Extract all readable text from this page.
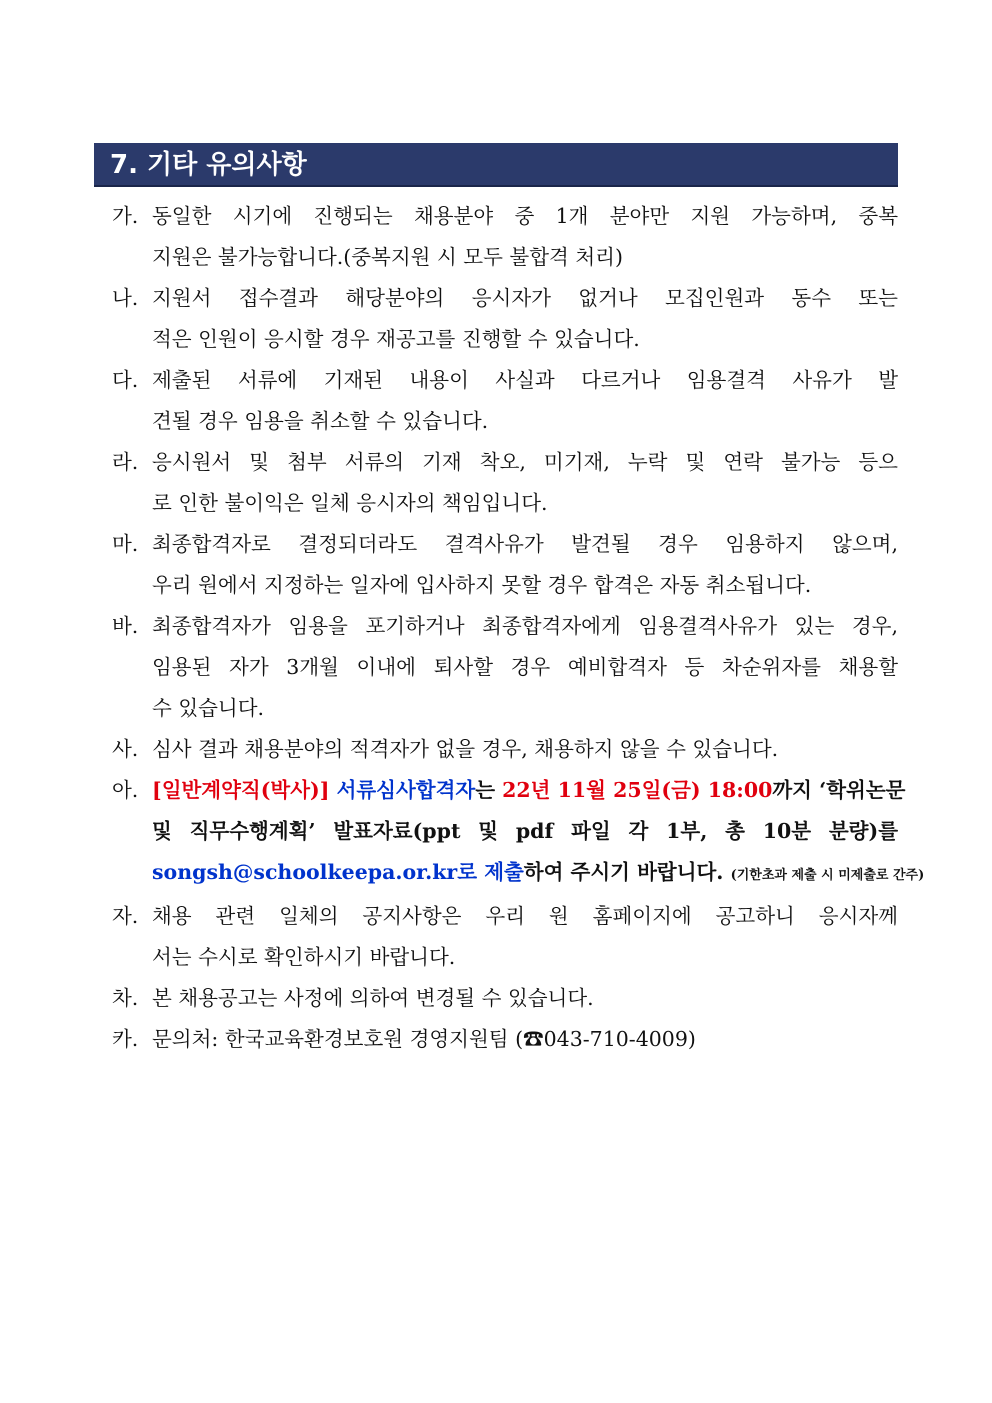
7. 기타 유의사항
가. 동일한 시기에 진행되는 채용분야 중 1개 분야만 지원 가능하며, 중복
지원은 불가능합니다.(중복지원 시 모두 불합격 처리)
나. 지원서 접수결과 해당분야의 응시자가 없거나 모집인원과 동수 또는
적은 인원이 응시할 경우 재공고를 진행할 수 있습니다.
다. 제출된 서류에 기재된 내용이 사실과 다르거나 임용결격 사유가 발
견될 경우 임용을 취소할 수 있습니다.
라. 응시원서 및 첨부 서류의 기재 착오, 미기재, 누락 및 연락 불가능 등으
로 인한 불이익은 일체 응시자의 책임입니다.
마. 최종합격자로 결정되더라도 결격사유가 발견될 경우 임용하지 않으며,
우리 원에서 지정하는 일자에 입사하지 못할 경우 합격은 자동 취소됩니다.
바. 최종합격자가 임용을 포기하거나 최종합격자에게 임용결격사유가 있는 경우,
임용된 자가 3개월 이내에 퇴사할 경우 예비합격자 등 차순위자를 채용할
수 있습니다.
사. 심사 결과 채용분야의 적격자가 없을 경우, 채용하지 않을 수 있습니다.
아. [일반계약직(박사)] 서류심사합격자는 22년 11월 25일(금) 18:00까지 ‘학위논문
및 직무수행계획’ 발표자료(ppt 및 pdf 파일 각 1부, 총 10분 분량)를
songsh@schoolkeepa.or.kr로 제출하여 주시기 바랍니다. (기한초과 제출 시 미제출로 간주)
자. 채용 관련 일체의 공지사항은 우리 원 홈페이지에 공고하니 응시자께
서는 수시로 확인하시기 바랍니다.
차. 본 채용공고는 사정에 의하여 변경될 수 있습니다.
카. 문의처: 한국교육환경보호원 경영지원팀 (☎043-710-4009)
